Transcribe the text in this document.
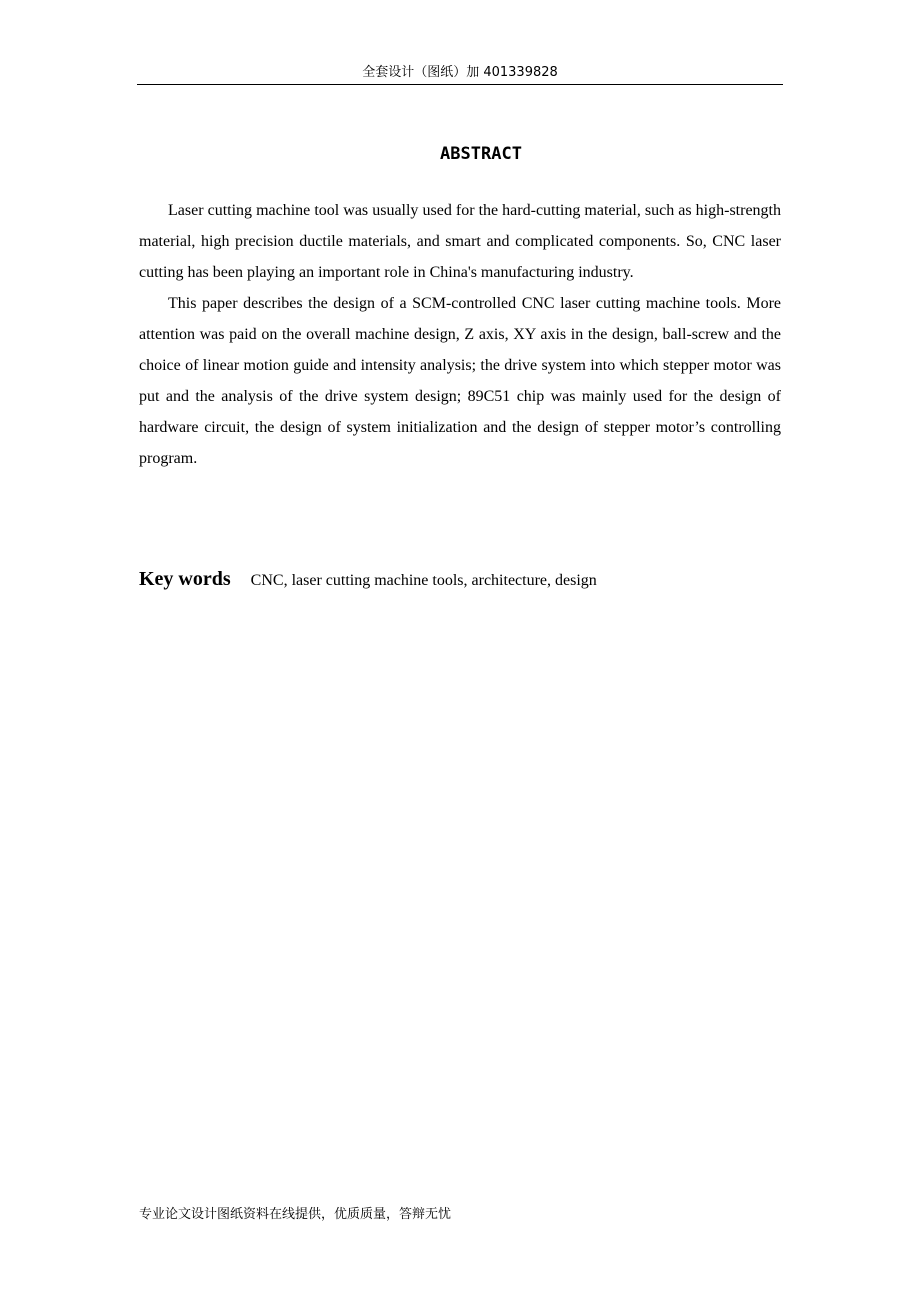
全套设计（图纸）加 401339828
ABSTRACT

Laser cutting machine tool was usually used for the hard-cutting material, such as high-strength material, high precision ductile materials, and smart and complicated components. So, CNC laser cutting has been playing an important role in China's manufacturing industry.

This paper describes the design of a SCM-controlled CNC laser cutting machine tools. More attention was paid on the overall machine design, Z axis, XY axis in the design, ball-screw and the choice of linear motion guide and intensity analysis; the drive system into which stepper motor was put and the analysis of the drive system design; 89C51 chip was mainly used for the design of hardware circuit, the design of system initialization and the design of stepper motor’s controlling program.

Key words CNC, laser cutting machine tools, architecture, design
专业论文设计图纸资料在线提供，优质质量，答辩无忧
